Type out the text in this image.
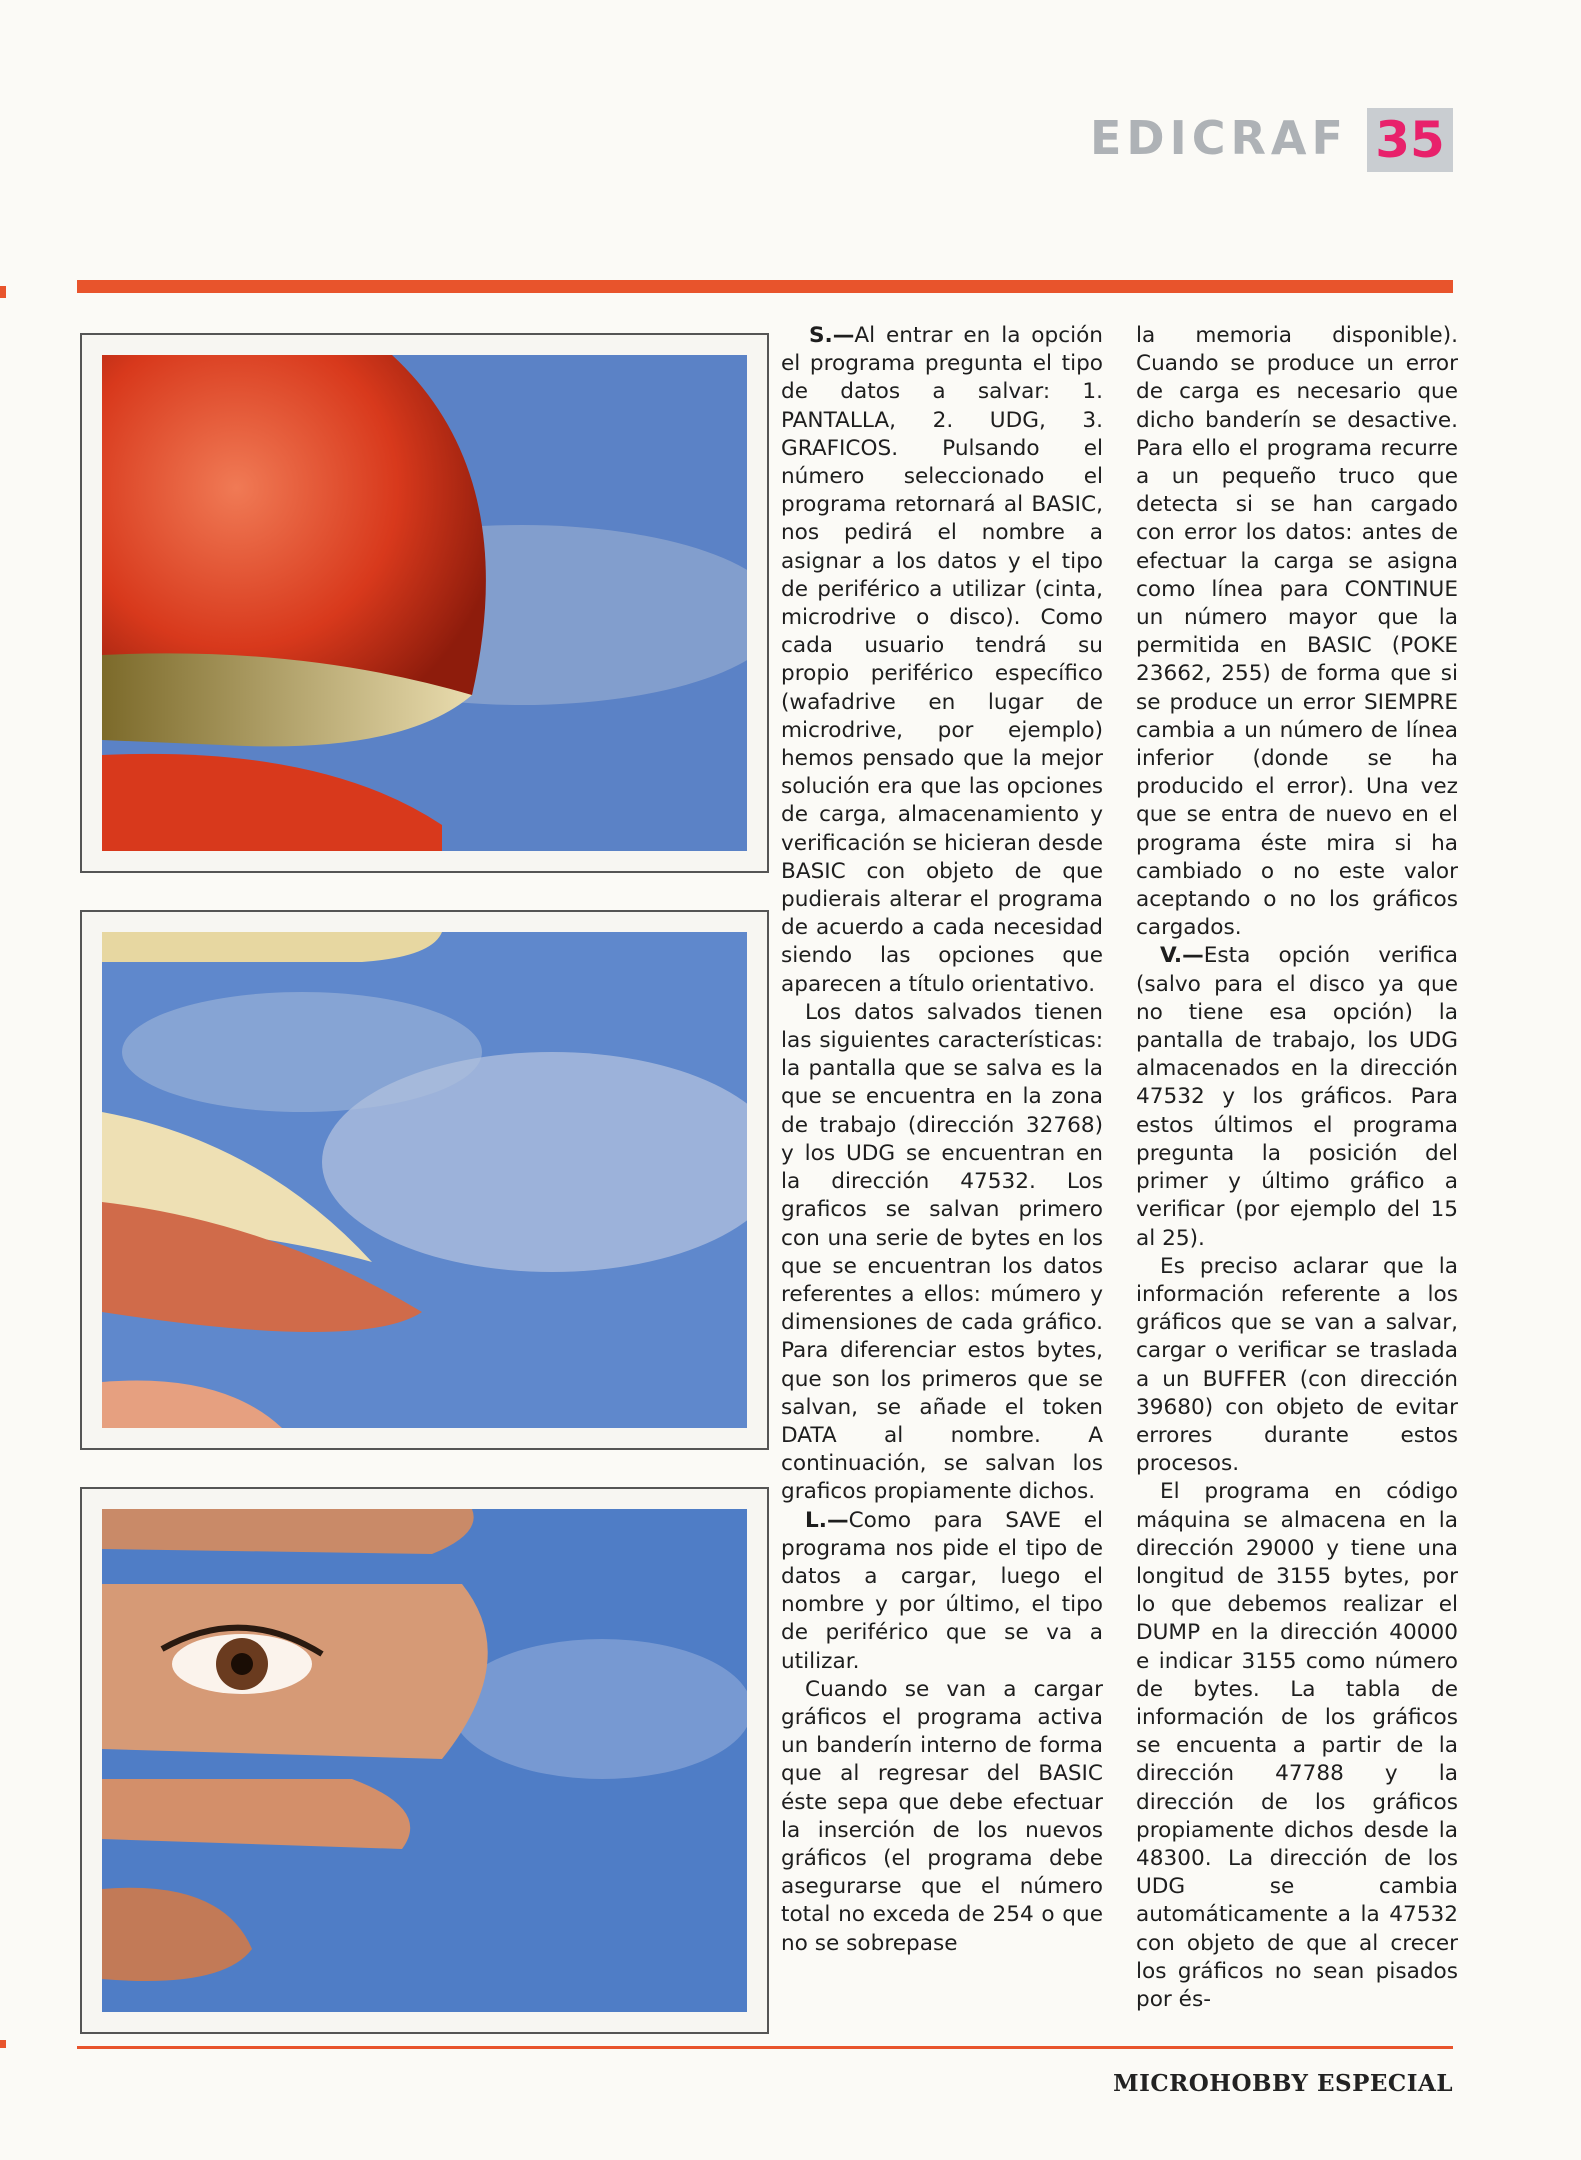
EDICRAF 35

S.—Al entrar en la opción el programa pregunta el tipo de datos a salvar: 1. PANTALLA, 2. UDG, 3. GRAFICOS. Pulsando el número seleccionado el programa retornará al BASIC, nos pedirá el nombre a asignar a los datos y el tipo de periférico a utilizar (cinta, microdrive o disco). Como cada usuario tendrá su propio periférico específico (wafadrive en lugar de microdrive, por ejemplo) hemos pensado que la mejor solución era que las opciones de carga, almacenamiento y verificación se hicieran desde BASIC con objeto de que pudierais alterar el programa de acuerdo a cada necesidad siendo las opciones que aparecen a título orientativo.

Los datos salvados tienen las siguientes características: la pantalla que se salva es la que se encuentra en la zona de trabajo (dirección 32768) y los UDG se encuentran en la dirección 47532. Los graficos se salvan primero con una serie de bytes en los que se encuentran los datos referentes a ellos: múmero y dimensiones de cada gráfico. Para diferenciar estos bytes, que son los primeros que se salvan, se añade el token DATA al nombre. A continuación, se salvan los graficos propiamente dichos.

L.—Como para SAVE el programa nos pide el tipo de datos a cargar, luego el nombre y por último, el tipo de periférico que se va a utilizar.

Cuando se van a cargar gráficos el programa activa un banderín interno de forma que al regresar del BASIC éste sepa que debe efectuar la inserción de los nuevos gráficos (el programa debe asegurarse que el número total no exceda de 254 o que no se sobrepase

la memoria disponible). Cuando se produce un error de carga es necesario que dicho banderín se desactive. Para ello el programa recurre a un pequeño truco que detecta si se han cargado con error los datos: antes de efectuar la carga se asigna como línea para CONTINUE un número mayor que la permitida en BASIC (POKE 23662, 255) de forma que si se produce un error SIEMPRE cambia a un número de línea inferior (donde se ha producido el error). Una vez que se entra de nuevo en el programa éste mira si ha cambiado o no este valor aceptando o no los gráficos cargados.

V.—Esta opción verifica (salvo para el disco ya que no tiene esa opción) la pantalla de trabajo, los UDG almacenados en la dirección 47532 y los gráficos. Para estos últimos el programa pregunta la posición del primer y último gráfico a verificar (por ejemplo del 15 al 25).

Es preciso aclarar que la información referente a los gráficos que se van a salvar, cargar o verificar se traslada a un BUFFER (con dirección 39680) con objeto de evitar errores durante estos procesos.

El programa en código máquina se almacena en la dirección 29000 y tiene una longitud de 3155 bytes, por lo que debemos realizar el DUMP en la dirección 40000 e indicar 3155 como número de bytes. La tabla de información de los gráficos se encuenta a partir de la dirección 47788 y la dirección de los gráficos propiamente dichos desde la 48300. La dirección de los UDG se cambia automáticamente a la 47532 con objeto de que al crecer los gráficos no sean pisados por és-

MICROHOBBY ESPECIAL
